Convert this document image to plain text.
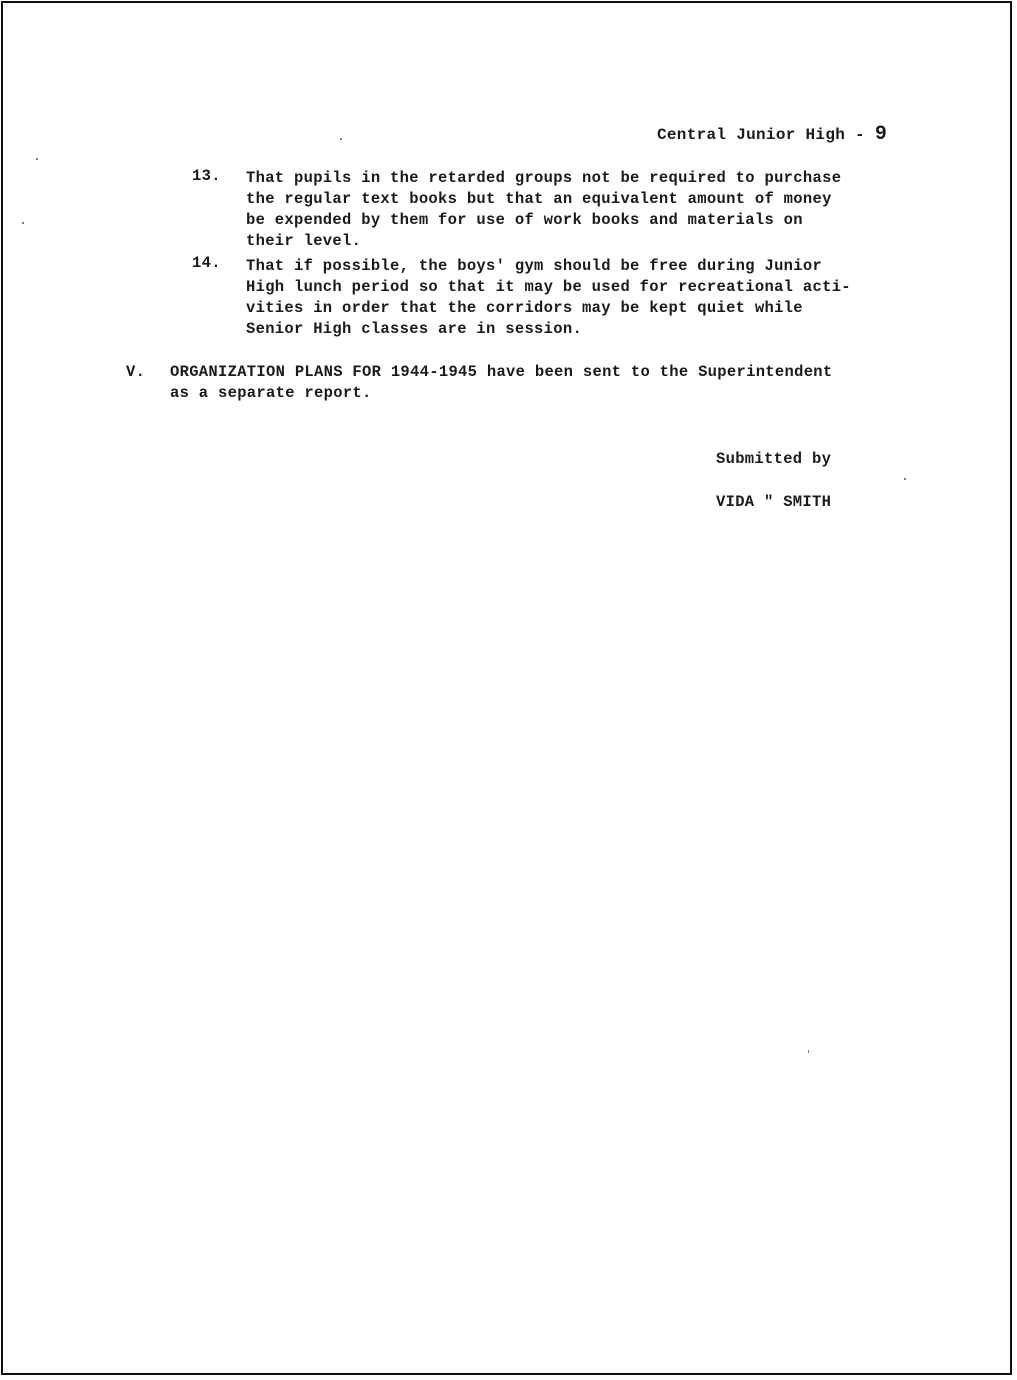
Central Junior High - 9
13. That pupils in the retarded groups not be required to purchase
the regular text books but that an equivalent amount of money
be expended by them for use of work books and materials on
their level.
14. That if possible, the boys' gym should be free during Junior
High lunch period so that it may be used for recreational acti-
vities in order that the corridors may be kept quiet while
Senior High classes are in session.
V. ORGANIZATION PLANS FOR 1944-1945 have been sent to the Superintendent
as a separate report.
Submitted by
VIDA " SMITH
